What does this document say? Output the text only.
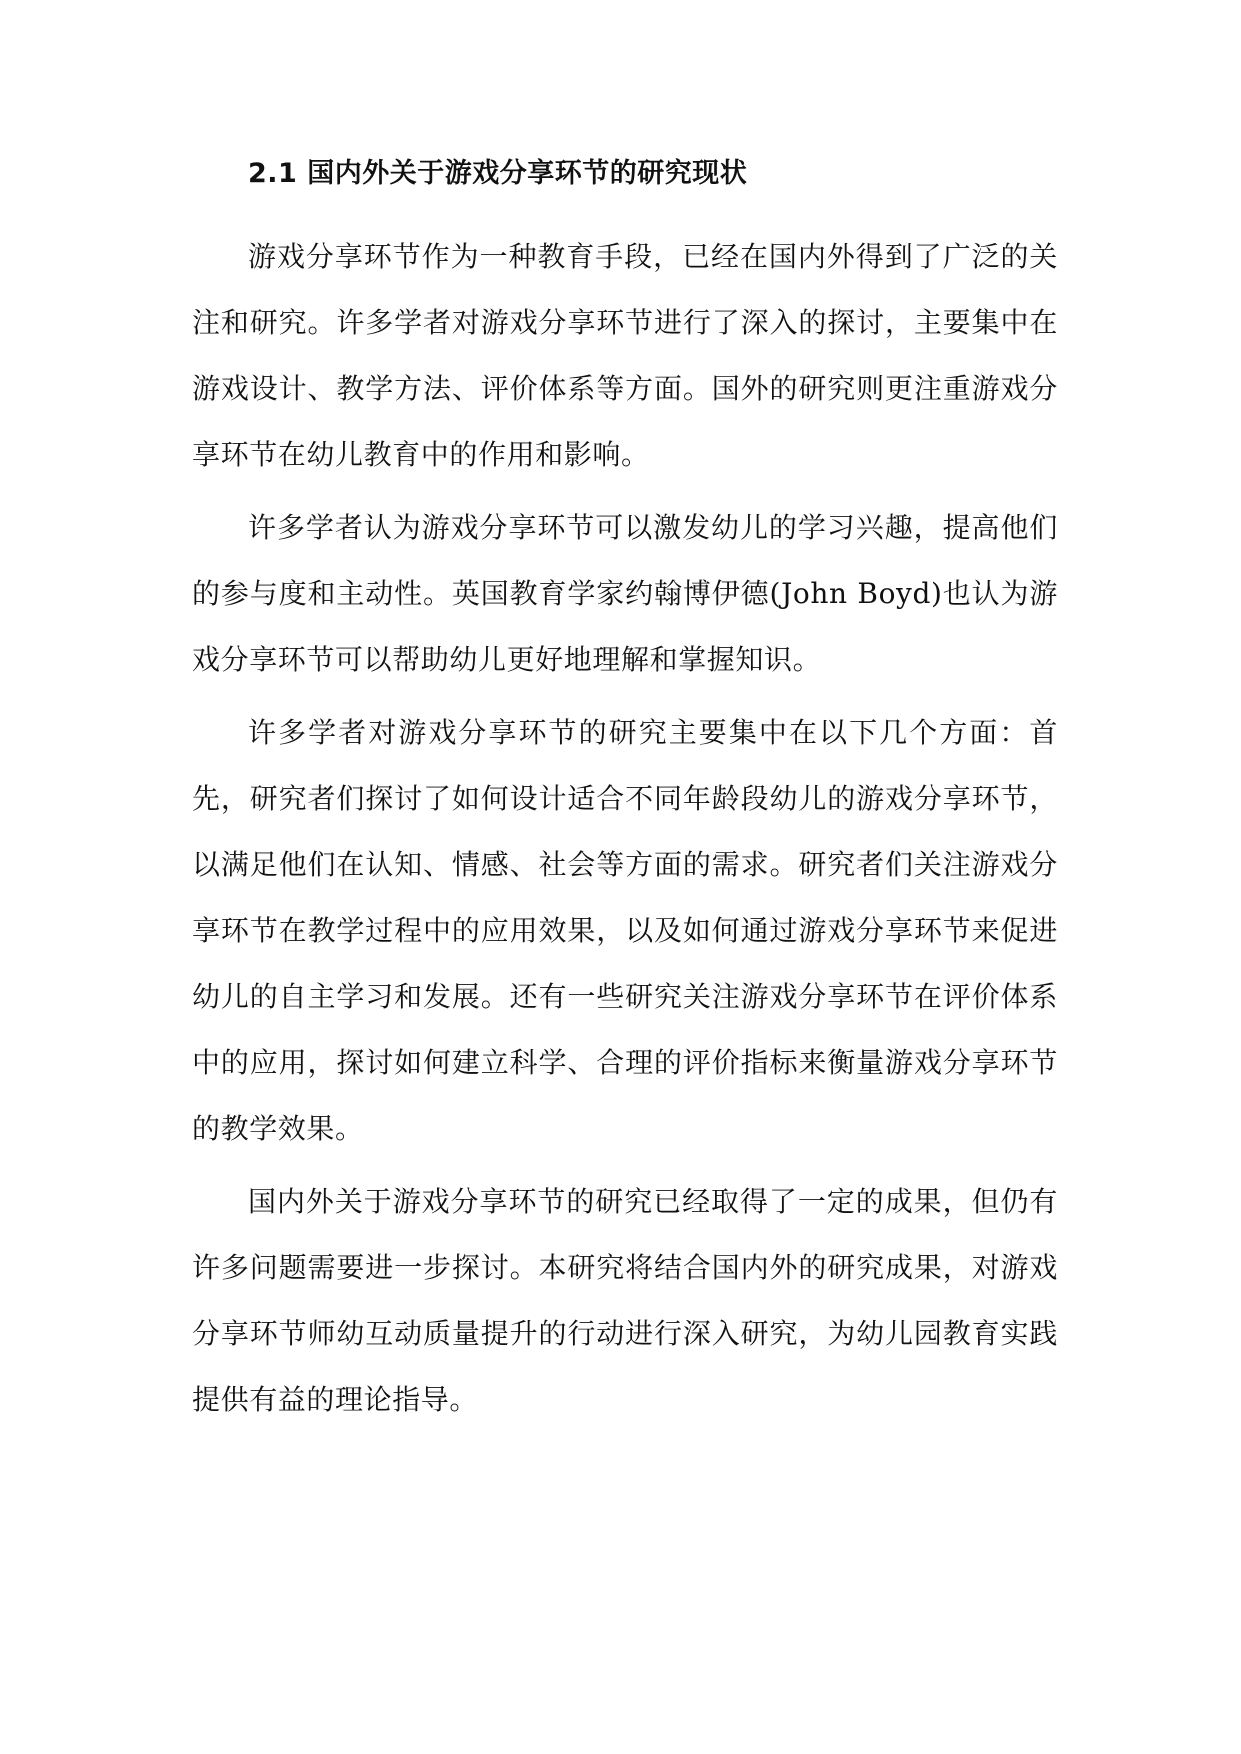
2.1 国内外关于游戏分享环节的研究现状

游戏分享环节作为一种教育手段，已经在国内外得到了广泛的关注和研究。许多学者对游戏分享环节进行了深入的探讨，主要集中在游戏设计、教学方法、评价体系等方面。国外的研究则更注重游戏分享环节在幼儿教育中的作用和影响。

许多学者认为游戏分享环节可以激发幼儿的学习兴趣，提高他们的参与度和主动性。英国教育学家约翰博伊德(John Boyd)也认为游戏分享环节可以帮助幼儿更好地理解和掌握知识。

许多学者对游戏分享环节的研究主要集中在以下几个方面：首先，研究者们探讨了如何设计适合不同年龄段幼儿的游戏分享环节，以满足他们在认知、情感、社会等方面的需求。研究者们关注游戏分享环节在教学过程中的应用效果，以及如何通过游戏分享环节来促进幼儿的自主学习和发展。还有一些研究关注游戏分享环节在评价体系中的应用，探讨如何建立科学、合理的评价指标来衡量游戏分享环节的教学效果。

国内外关于游戏分享环节的研究已经取得了一定的成果，但仍有许多问题需要进一步探讨。本研究将结合国内外的研究成果，对游戏分享环节师幼互动质量提升的行动进行深入研究，为幼儿园教育实践提供有益的理论指导。
